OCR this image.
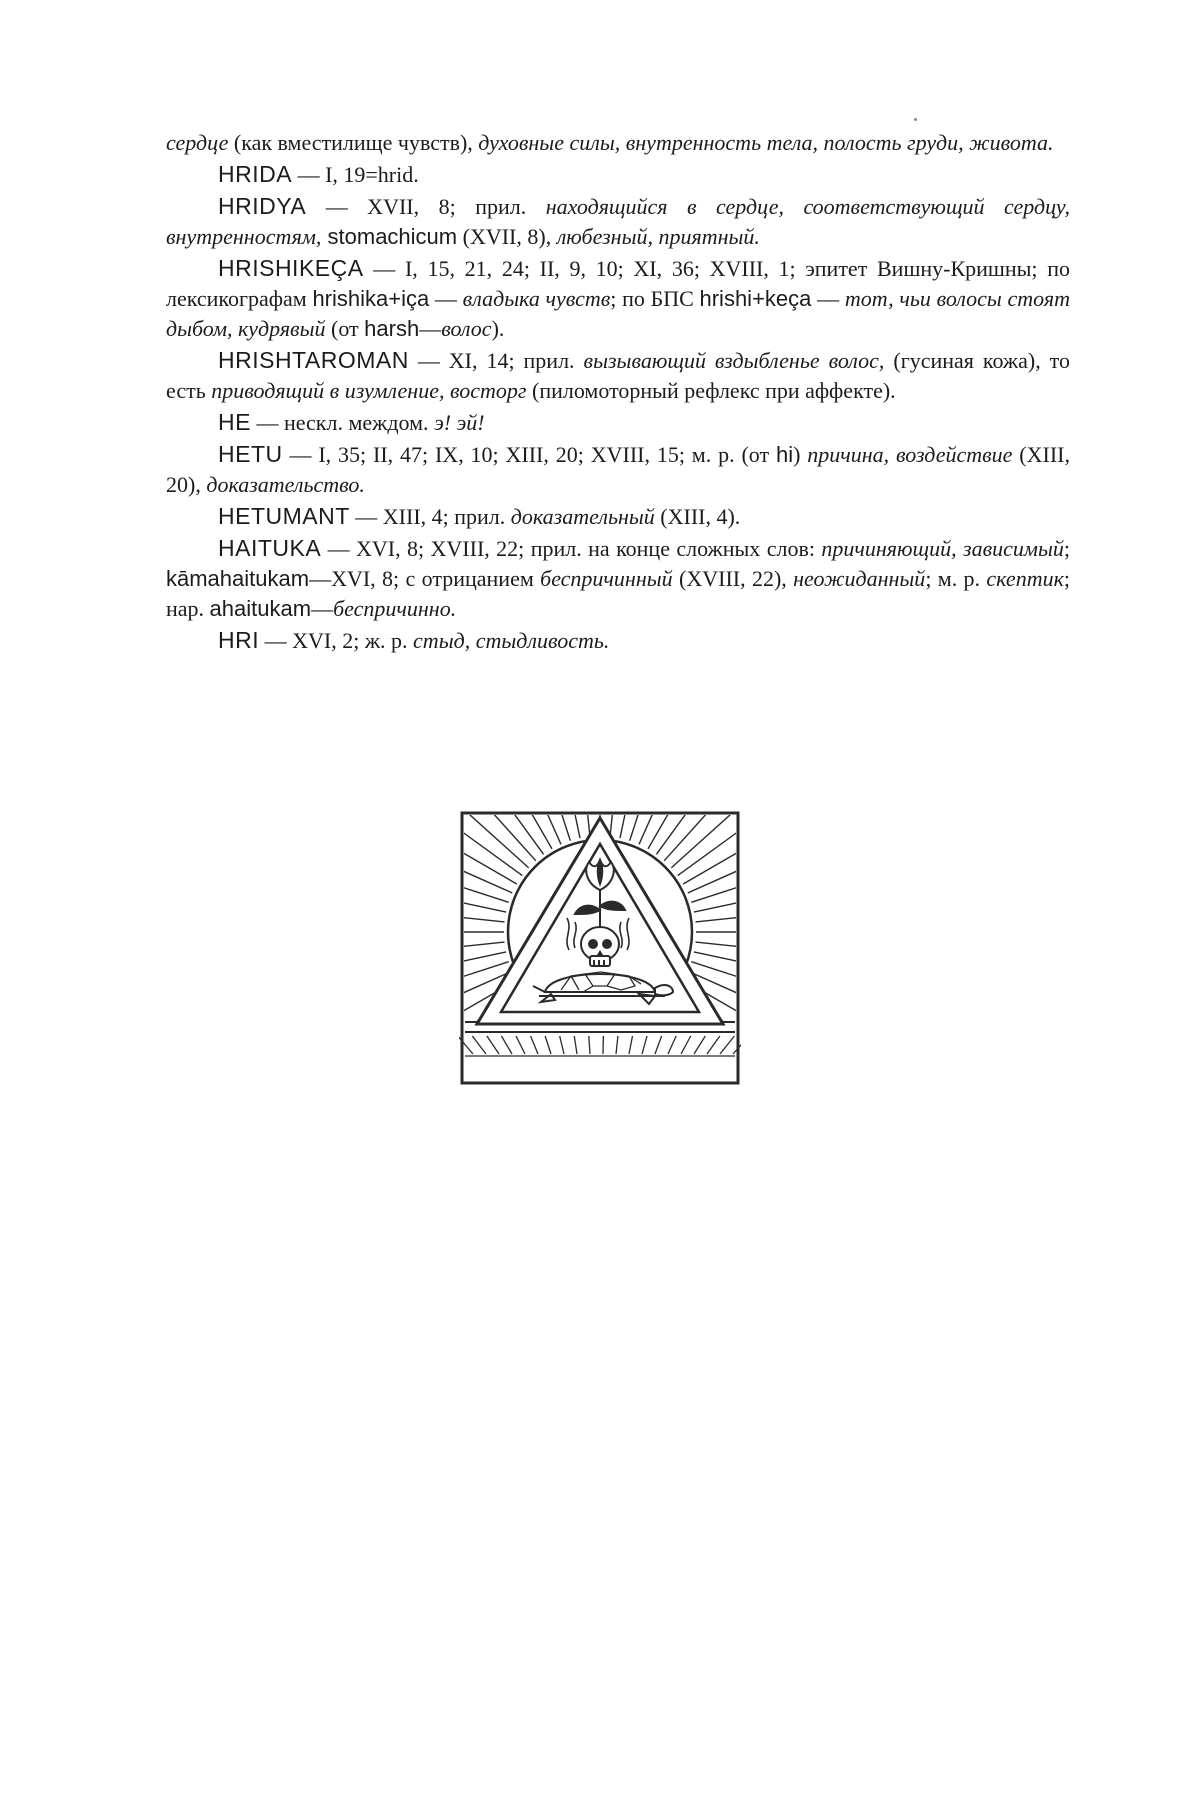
сердце (как вместилище чувств), духовные силы, внутренность тела, полость груди, живота.

HRIDA — I, 19=hrid.

HRIDYA — XVII, 8; прил. находящийся в сердце, соответствующий сердцу, внутренностям, stomachicum (XVII, 8), любезный, приятный.

HRISHIKEÇA — I, 15, 21, 24; II, 9, 10; XI, 36; XVIII, 1; эпитет Вишну-Кришны; по лексикографам hrishika+iça — владыка чувств; по БПС hrishi+keça — тот, чьи волосы стоят дыбом, кудрявый (от harsh—волос).

HRISHTAROMAN — XI, 14; прил. вызывающий вздыбленье волос, (гусиная кожа), то есть приводящий в изумление, восторг (пиломоторный рефлекс при аффекте).

HE — нескл. междом. э! эй!

HETU — I, 35; II, 47; IX, 10; XIII, 20; XVIII, 15; м. р. (от hi) причина, воздействие (XIII, 20), доказательство.

HETUMANT — XIII, 4; прил. доказательный (XIII, 4).

HAITUKA — XVI, 8; XVIII, 22; прил. на конце сложных слов: причиняющий, зависимый; kāmahaitukam—XVI, 8; с отрицанием беспричинный (XVIII, 22), неожиданный; м. р. скептик; нар. ahaitukam—беспричинно.

HRI — XVI, 2; ж. р. стыд, стыдливость.
